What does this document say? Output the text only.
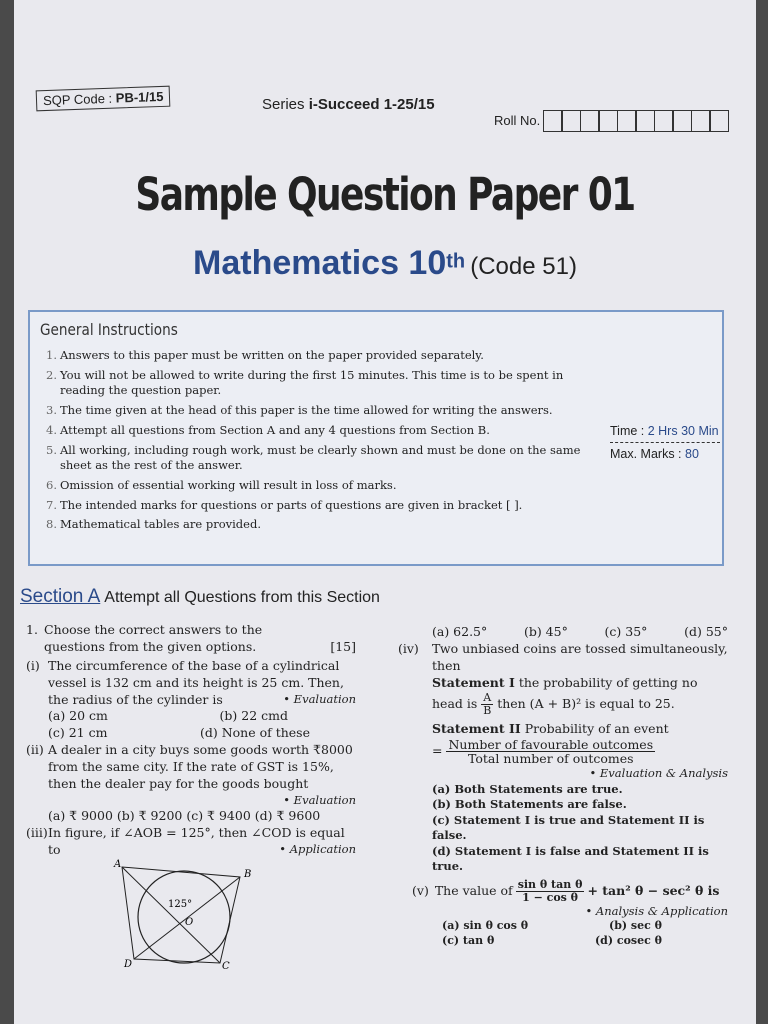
SQP Code : PB-1/15	Series i-Succeed 1-25/15
Roll No.
Sample Question Paper 01
Mathematics 10th (Code 51)
General Instructions
1. Answers to this paper must be written on the paper provided separately.
2. You will not be allowed to write during the first 15 minutes. This time is to be spent in reading the question paper.
3. The time given at the head of this paper is the time allowed for writing the answers.
4. Attempt all questions from Section A and any 4 questions from Section B.
5. All working, including rough work, must be clearly shown and must be done on the same sheet as the rest of the answer.
6. Omission of essential working will result in loss of marks.
7. The intended marks for questions or parts of questions are given in bracket [ ].
8. Mathematical tables are provided.
Time : 2 Hrs 30 Min
Max. Marks : 80
Section A Attempt all Questions from this Section
1. Choose the correct answers to the questions from the given options.	[15]
(i) The circumference of the base of a cylindrical vessel is 132 cm and its height is 25 cm. Then, the radius of the cylinder is	• Evaluation
(a) 20 cm	(b) 22 cmd
(c) 21 cm	(d) None of these
(ii) A dealer in a city buys some goods worth ₹8000 from the same city. If the rate of GST is 15%, then the dealer pay for the goods bought
• Evaluation
(a) ₹ 9000 (b) ₹ 9200 (c) ₹ 9400 (d) ₹ 9600
(iii) In figure, if ∠AOB = 125°, then ∠COD is equal to	• Application
A
B
C
D
O
125°
(a) 62.5°	(b) 45°	(c) 35°	(d) 55°
(iv)	Two unbiased coins are tossed simultaneously, then
Statement I the probability of getting no head is $\frac{A}{B}$ then (A + B)² is equal to 25.
Statement II Probability of an event
= $\frac{\text{Number of favourable outcomes}}{\text{Total number of outcomes}}$
• Evaluation & Analysis
(a) Both Statements are true.
(b) Both Statements are false.
(c) Statement I is true and Statement II is false.
(d) Statement I is false and Statement II is true.
(v) The value of $\frac{\text{sin θ tan θ}}{\text{1 − cos θ}} + \tan^2$ θ − sec² θ is
• Analysis & Application
(a) sin θ cos θ	(b) sec θ
(c) tan θ	(d) cosec θ
